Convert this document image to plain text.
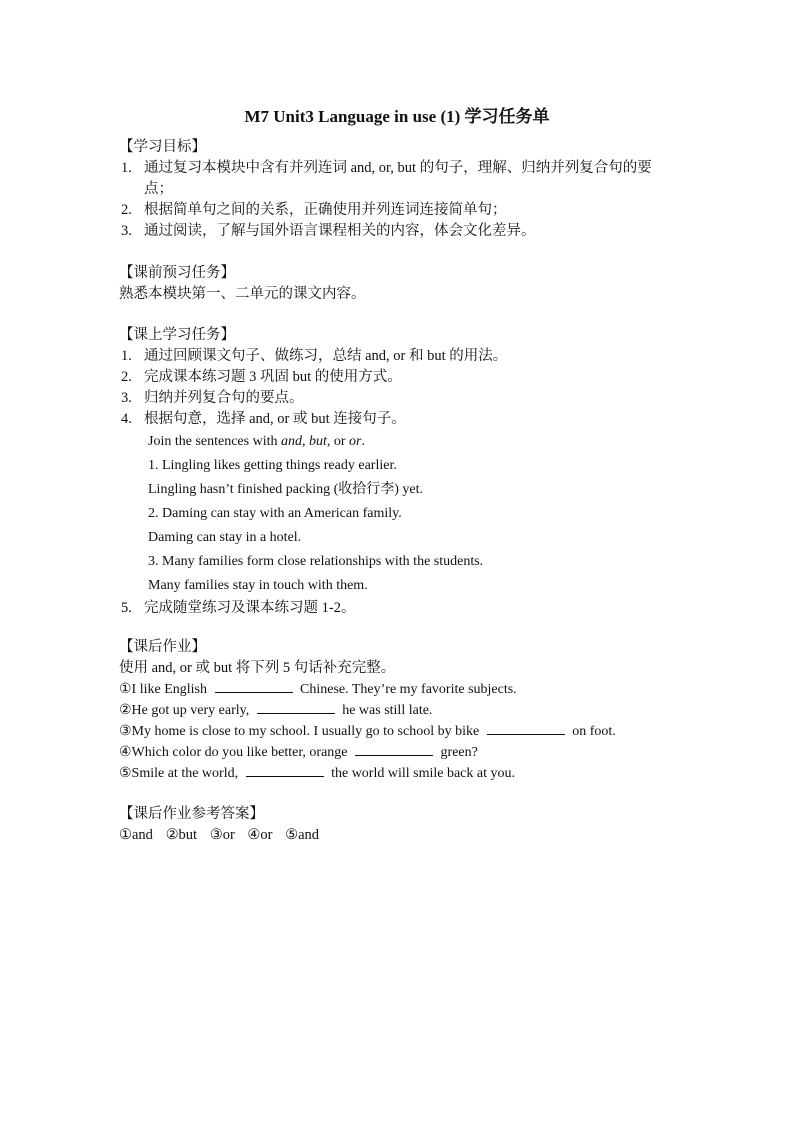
M7 Unit3 Language in use (1) 学习任务单
【学习目标】
1. 通过复习本模块中含有并列连词 and, or, but 的句子，理解、归纳并列复合句的要点；
2. 根据简单句之间的关系，正确使用并列连词连接简单句；
3. 通过阅读，了解与国外语言课程相关的内容，体会文化差异。
【课前预习任务】
熟悉本模块第一、二单元的课文内容。
【课上学习任务】
1. 通过回顾课文句子、做练习，总结 and, or 和 but 的用法。
2. 完成课本练习题 3 巩固 but 的使用方式。
3. 归纳并列复合句的要点。
4. 根据句意，选择 and, or 或 but 连接句子。
Join the sentences with and, but, or or.
1. Lingling likes getting things ready earlier.
Lingling hasn’t finished packing (收拾行李) yet.
2. Daming can stay with an American family.
Daming can stay in a hotel.
3. Many families form close relationships with the students.
Many families stay in touch with them.
5. 完成随堂练习及课本练习题 1-2。
【课后作业】
使用 and, or 或 but 将下列 5 句话补充完整。
①I like English	Chinese. They’re my favorite subjects.
②He got up very early,	he was still late.
③My home is close to my school. I usually go to school by bike	on foot.
④Which color do you like better, orange	green?
⑤Smile at the world,	the world will smile back at you.
【课后作业参考答案】
①and ②but ③or ④or ⑤and
